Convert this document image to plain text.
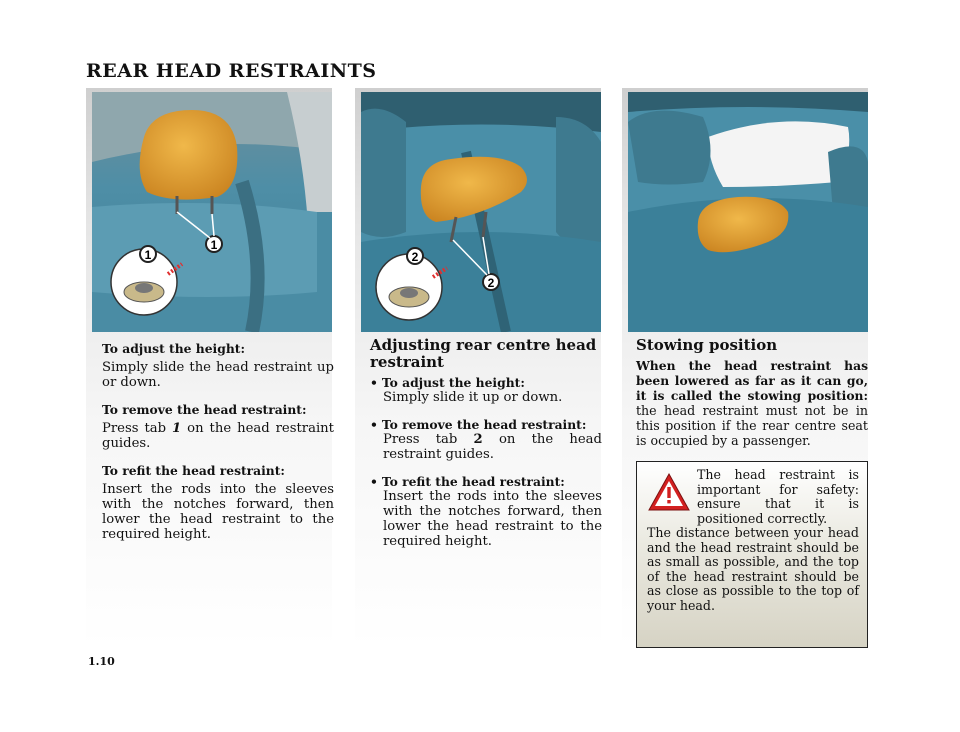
REAR HEAD RESTRAINTS
1
1
2
2
To adjust the height:

Simply slide the head restraint up or down.

To remove the head restraint:

Press tab 1 on the head restraint guides.

To refit the head restraint:

Insert the rods into the sleeves with the notches forward, then lower the head restraint to the required height.

Adjusting rear centre head restraint
• To adjust the height:
Simply slide it up or down.
• To remove the head restraint:
Press tab 2 on the head restraint guides.
• To refit the head restraint:
Insert the rods into the sleeves with the notches forward, then lower the head restraint to the required height.
Stowing position
When the head restraint has been lowered as far as it can go, it is called the stowing position: the head restraint must not be in this position if the rear centre seat is occupied by a passenger.
The head restraint is important for safety: ensure that it is positioned correctly.
The distance between your head and the head restraint should be as small as possible, and the top of the head restraint should be as close as possible to the top of your head.
1.10
